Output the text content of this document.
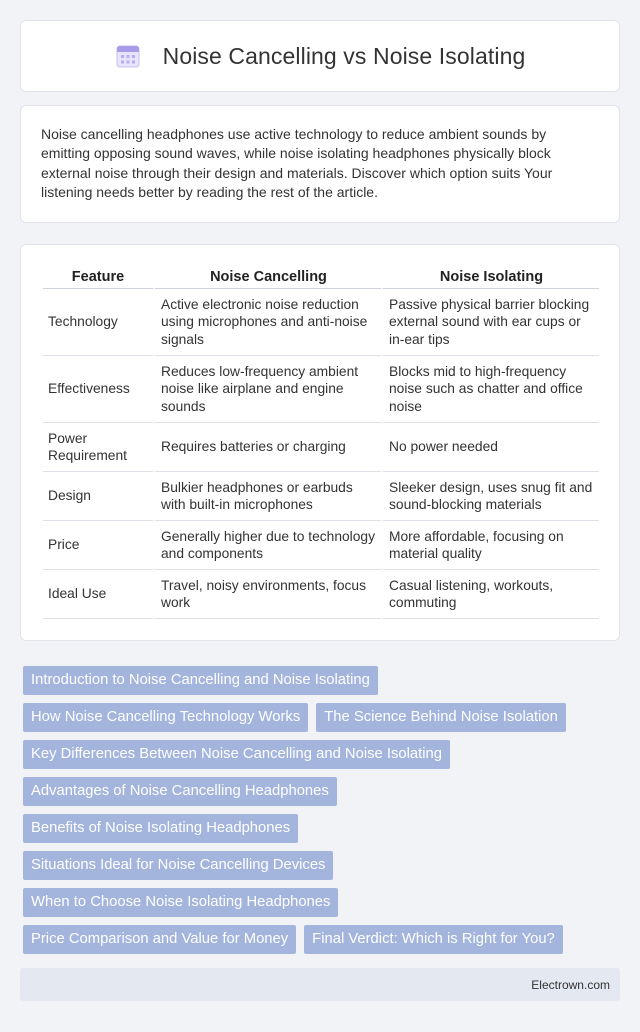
Noise Cancelling vs Noise Isolating

Noise cancelling headphones use active technology to reduce ambient sounds by emitting opposing sound waves, while noise isolating headphones physically block external noise through their design and materials. Discover which option suits Your listening needs better by reading the rest of the article.

Feature	Noise Cancelling	Noise Isolating
Technology	Active electronic noise reduction using microphones and anti-noise signals	Passive physical barrier blocking external sound with ear cups or in-ear tips
Effectiveness	Reduces low-frequency ambient noise like airplane and engine sounds	Blocks mid to high-frequency noise such as chatter and office noise
Power Requirement	Requires batteries or charging	No power needed
Design	Bulkier headphones or earbuds with built-in microphones	Sleeker design, uses snug fit and sound-blocking materials
Price	Generally higher due to technology and components	More affordable, focusing on material quality
Ideal Use	Travel, noisy environments, focus work	Casual listening, workouts, commuting
Introduction to Noise Cancelling and Noise Isolating
How Noise Cancelling Technology Works	The Science Behind Noise Isolation
Key Differences Between Noise Cancelling and Noise Isolating
Advantages of Noise Cancelling Headphones
Benefits of Noise Isolating Headphones
Situations Ideal for Noise Cancelling Devices
When to Choose Noise Isolating Headphones
Price Comparison and Value for Money	Final Verdict: Which is Right for You?
Electrown.com
